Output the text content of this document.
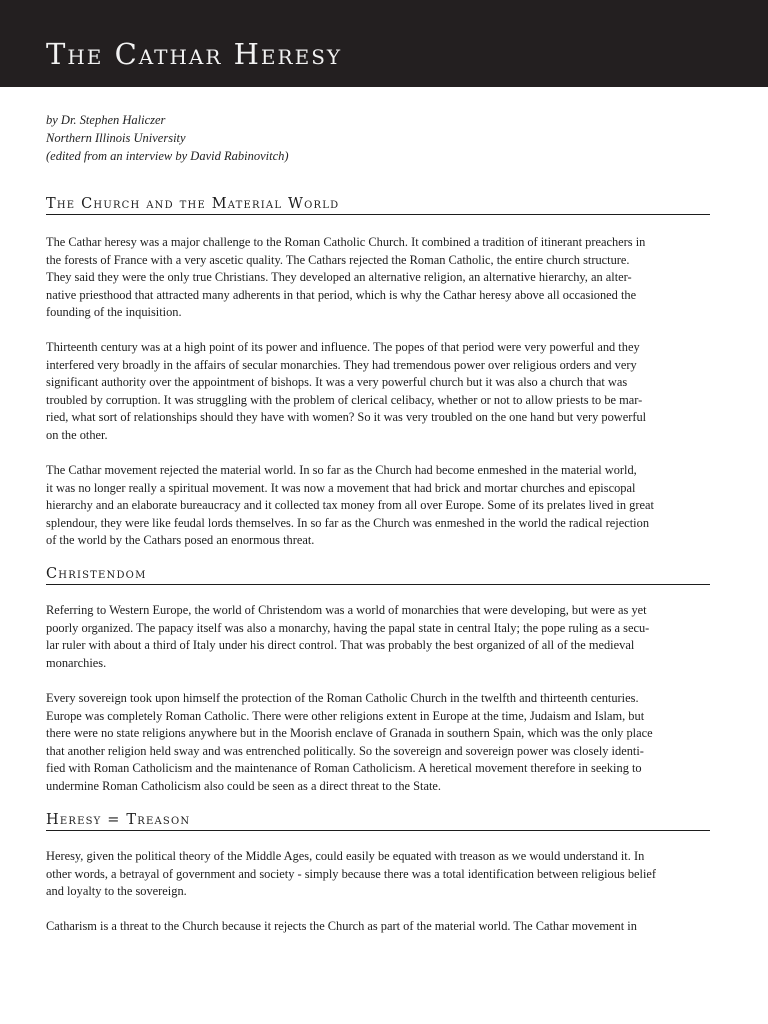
The Cathar Heresy
by Dr. Stephen Haliczer
Northern Illinois University
(edited from an interview by David Rabinovitch)
The Church and the Material World
The Cathar heresy was a major challenge to the Roman Catholic Church. It combined a tradition of itinerant preachers in
the forests of France with a very ascetic quality. The Cathars rejected the Roman Catholic, the entire church structure.
They said they were the only true Christians. They developed an alternative religion, an alternative hierarchy, an alter-
native priesthood that attracted many adherents in that period, which is why the Cathar heresy above all occasioned the
founding of the inquisition.
Thirteenth century was at a high point of its power and influence. The popes of that period were very powerful and they
interfered very broadly in the affairs of secular monarchies. They had tremendous power over religious orders and very
significant authority over the appointment of bishops. It was a very powerful church but it was also a church that was
troubled by corruption. It was struggling with the problem of clerical celibacy, whether or not to allow priests to be mar-
ried, what sort of relationships should they have with women? So it was very troubled on the one hand but very powerful
on the other.
The Cathar movement rejected the material world. In so far as the Church had become enmeshed in the material world,
it was no longer really a spiritual movement. It was now a movement that had brick and mortar churches and episcopal
hierarchy and an elaborate bureaucracy and it collected tax money from all over Europe. Some of its prelates lived in great
splendour, they were like feudal lords themselves. In so far as the Church was enmeshed in the world the radical rejection
of the world by the Cathars posed an enormous threat.
Christendom
Referring to Western Europe, the world of Christendom was a world of monarchies that were developing, but were as yet
poorly organized. The papacy itself was also a monarchy, having the papal state in central Italy; the pope ruling as a secu-
lar ruler with about a third of Italy under his direct control. That was probably the best organized of all of the medieval
monarchies.
Every sovereign took upon himself the protection of the Roman Catholic Church in the twelfth and thirteenth centuries.
Europe was completely Roman Catholic. There were other religions extent in Europe at the time, Judaism and Islam, but
there were no state religions anywhere but in the Moorish enclave of Granada in southern Spain, which was the only place
that another religion held sway and was entrenched politically. So the sovereign and sovereign power was closely identi-
fied with Roman Catholicism and the maintenance of Roman Catholicism. A heretical movement therefore in seeking to
undermine Roman Catholicism also could be seen as a direct threat to the State.
Heresy = Treason
Heresy, given the political theory of the Middle Ages, could easily be equated with treason as we would understand it. In
other words, a betrayal of government and society - simply because there was a total identification between religious belief
and loyalty to the sovereign.
Catharism is a threat to the Church because it rejects the Church as part of the material world. The Cathar movement in
